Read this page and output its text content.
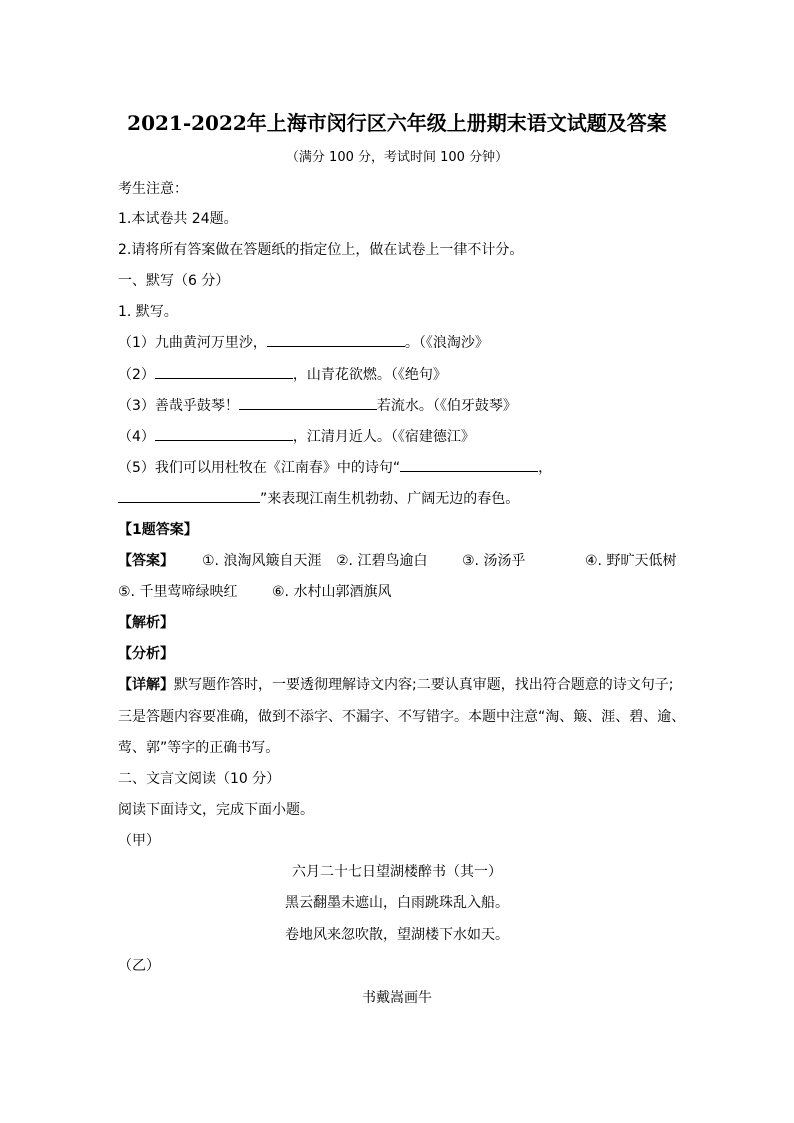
2021-2022年上海市闵行区六年级上册期末语文试题及答案
（满分 100 分，考试时间 100 分钟）
考生注意：
1.本试卷共 24题。
2.请将所有答案做在答题纸的指定位上，做在试卷上一律不计分。
一、默写（6 分）
1. 默写。
（1）九曲黄河万里沙，	。（《浪淘沙》
（2）	，山青花欲燃。（《绝句》
（3）善哉乎鼓琴！	若流水。（《伯牙鼓琴》
（4）	，江清月近人。（《宿建德江》
（5）我们可以用杜牧在《江南春》中的诗句“	，
”来表现江南生机勃勃、广阔无边的春色。
【1题答案】
【答案】 ①. 浪淘风簸自天涯 ②. 江碧鸟逾白 ③. 汤汤乎	④. 野旷天低树
⑤. 千里莺啼绿映红 ⑥. 水村山郭酒旗风
【解析】
【分析】
【详解】默写题作答时，一要透彻理解诗文内容;二要认真审题，找出符合题意的诗文句子;
三是答题内容要准确，做到不添字、不漏字、不写错字。本题中注意“淘、簸、涯、碧、逾、
莺、郭”等字的正确书写。
二、文言文阅读（10 分）
阅读下面诗文，完成下面小题。
（甲）
六月二十七日望湖楼醉书（其一）
黑云翻墨未遮山，白雨跳珠乱入船。
卷地风来忽吹散，望湖楼下水如天。
（乙）
书戴嵩画牛
